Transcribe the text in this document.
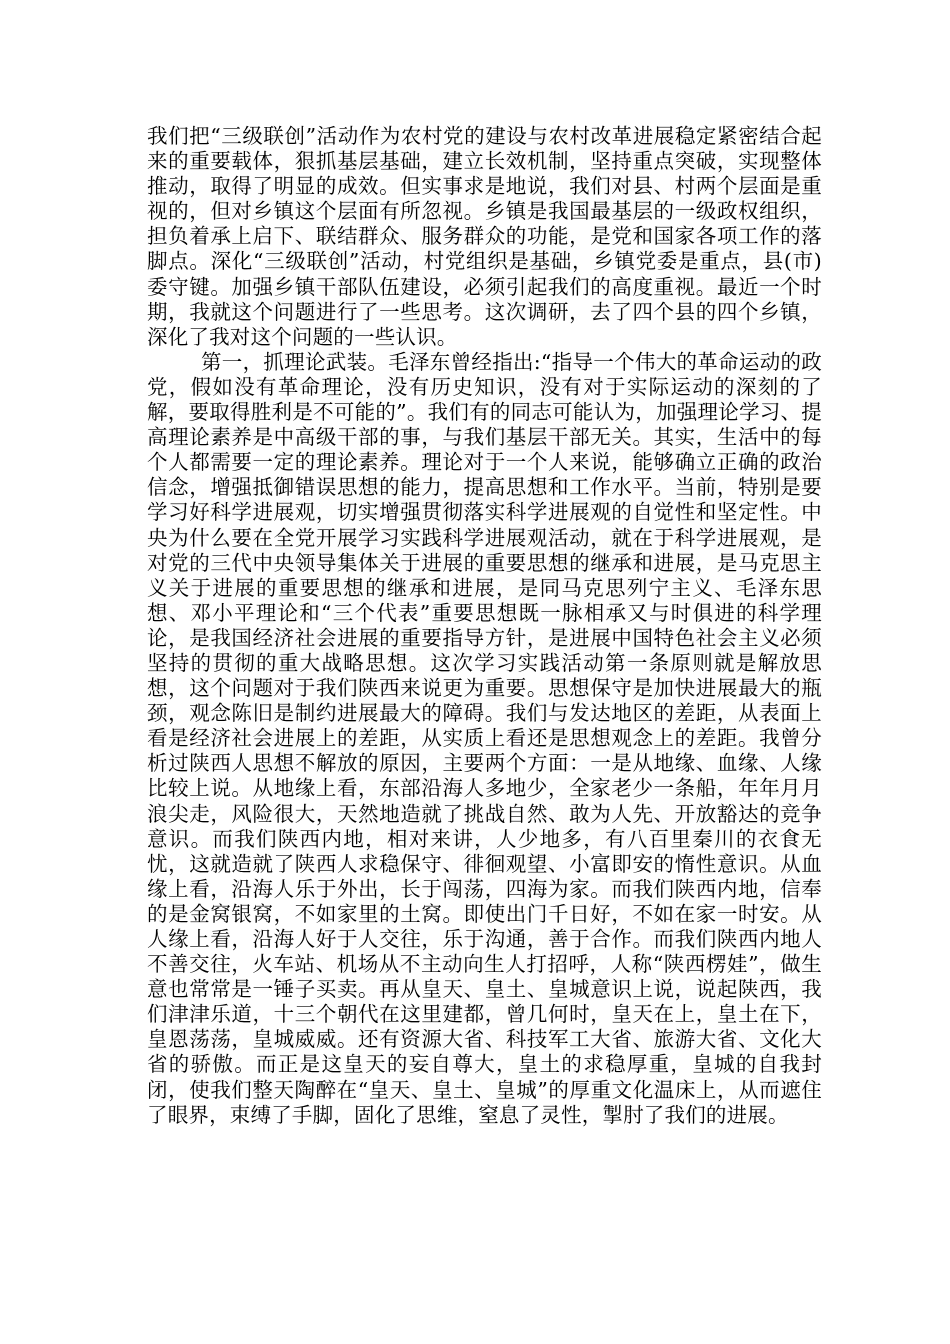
我们把“三级联创”活动作为农村党的建设与农村改革进展稳定紧密结合起来的重要载体，狠抓基层基础，建立长效机制，坚持重点突破，实现整体推动，取得了明显的成效。但实事求是地说，我们对县、村两个层面是重视的，但对乡镇这个层面有所忽视。乡镇是我国最基层的一级政权组织，担负着承上启下、联结群众、服务群众的功能，是党和国家各项工作的落脚点。深化“三级联创”活动，村党组织是基础，乡镇党委是重点，县(市)委守键。加强乡镇干部队伍建设，必须引起我们的高度重视。最近一个时期，我就这个问题进行了一些思考。这次调研，去了四个县的四个乡镇，深化了我对这个问题的一些认识。

第一，抓理论武装。毛泽东曾经指出:“指导一个伟大的革命运动的政党，假如没有革命理论，没有历史知识，没有对于实际运动的深刻的了解，要取得胜利是不可能的”。我们有的同志可能认为，加强理论学习、提高理论素养是中高级干部的事，与我们基层干部无关。其实，生活中的每个人都需要一定的理论素养。理论对于一个人来说，能够确立正确的政治信念，增强抵御错误思想的能力，提高思想和工作水平。当前，特别是要学习好科学进展观，切实增强贯彻落实科学进展观的自觉性和坚定性。中央为什么要在全党开展学习实践科学进展观活动，就在于科学进展观，是对党的三代中央领导集体关于进展的重要思想的继承和进展，是马克思主义关于进展的重要思想的继承和进展，是同马克思列宁主义、毛泽东思想、邓小平理论和“三个代表”重要思想既一脉相承又与时俱进的科学理论，是我国经济社会进展的重要指导方针，是进展中国特色社会主义必须坚持的贯彻的重大战略思想。这次学习实践活动第一条原则就是解放思想，这个问题对于我们陕西来说更为重要。思想保守是加快进展最大的瓶颈，观念陈旧是制约进展最大的障碍。我们与发达地区的差距，从表面上看是经济社会进展上的差距，从实质上看还是思想观念上的差距。我曾分析过陕西人思想不解放的原因，主要两个方面：一是从地缘、血缘、人缘比较上说。从地缘上看，东部沿海人多地少，全家老少一条船，年年月月浪尖走，风险很大，天然地造就了挑战自然、敢为人先、开放豁达的竞争意识。而我们陕西内地，相对来讲，人少地多，有八百里秦川的衣食无忧，这就造就了陕西人求稳保守、徘徊观望、小富即安的惰性意识。从血缘上看，沿海人乐于外出，长于闯荡，四海为家。而我们陕西内地，信奉的是金窝银窝，不如家里的土窝。即使出门千日好，不如在家一时安。从人缘上看，沿海人好于人交往，乐于沟通，善于合作。而我们陕西内地人不善交往，火车站、机场从不主动向生人打招呼，人称“陕西楞娃”，做生意也常常是一锤子买卖。再从皇天、皇土、皇城意识上说，说起陕西，我们津津乐道，十三个朝代在这里建都，曾几何时，皇天在上，皇土在下，皇恩荡荡，皇城威威。还有资源大省、科技军工大省、旅游大省、文化大省的骄傲。而正是这皇天的妄自尊大，皇土的求稳厚重，皇城的自我封闭，使我们整天陶醉在“皇天、皇土、皇城”的厚重文化温床上，从而遮住了眼界，束缚了手脚，固化了思维，窒息了灵性，掣肘了我们的进展。
